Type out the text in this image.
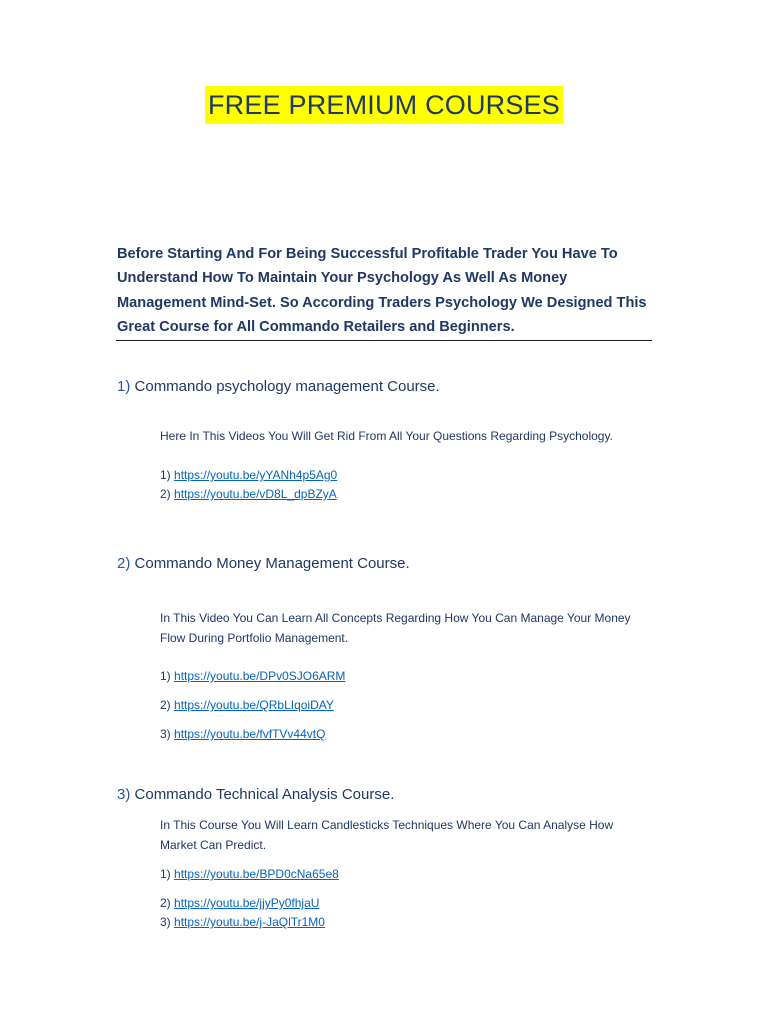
FREE PREMIUM COURSES
Before Starting And For Being Successful Profitable Trader You Have To Understand How To Maintain Your Psychology As Well As Money Management Mind-Set. So According Traders Psychology We Designed This Great Course for All Commando Retailers and Beginners.
1) Commando psychology management Course.
Here In This Videos You Will Get Rid From All Your Questions Regarding Psychology.
1) https://youtu.be/yYANh4p5Ag0
2) https://youtu.be/vD8L_dpBZyA
2) Commando Money Management Course.
In This Video You Can Learn All Concepts Regarding How You Can Manage Your Money Flow During Portfolio Management.
1) https://youtu.be/DPv0SJO6ARM
2) https://youtu.be/QRbLIqoiDAY
3) https://youtu.be/fvfTVv44vtQ
3) Commando Technical Analysis Course.
In This Course You Will Learn Candlesticks Techniques Where You Can Analyse How Market Can Predict.
1) https://youtu.be/BPD0cNa65e8
2) https://youtu.be/jjyPy0fhjaU
3) https://youtu.be/j-JaQlTr1M0
